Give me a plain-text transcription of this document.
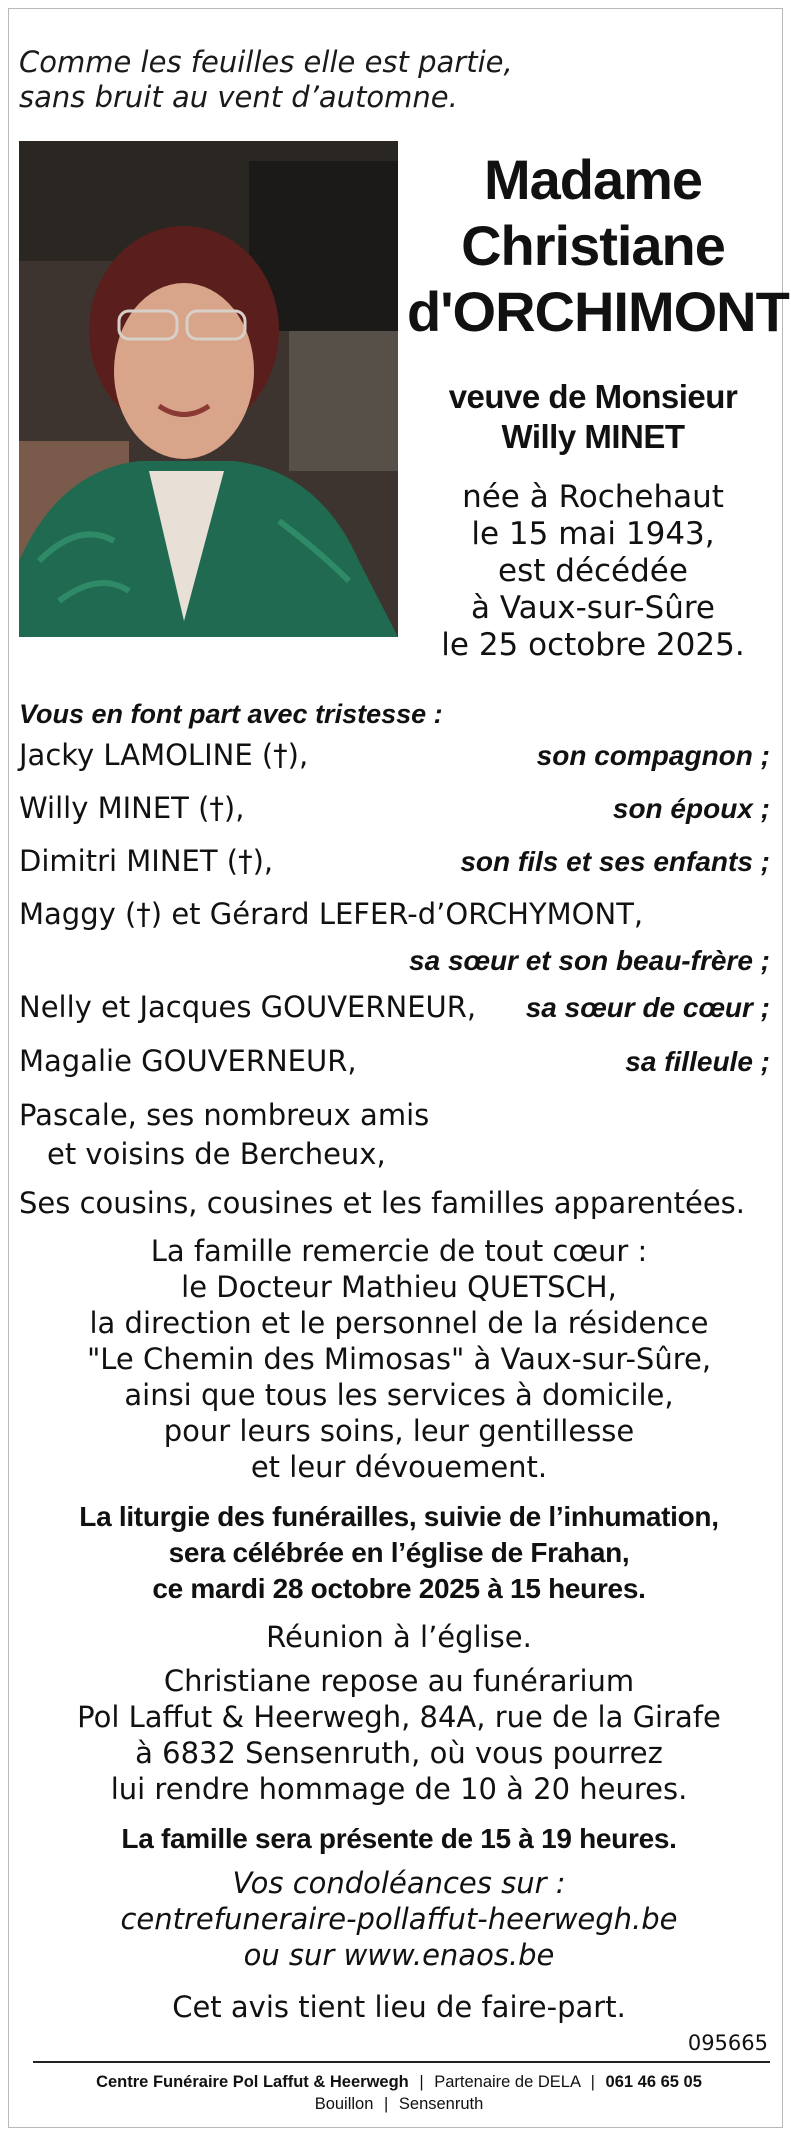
Comme les feuilles elle est partie,
sans bruit au vent d’automne.
Madame
Christiane
d'ORCHIMONT
veuve de Monsieur
Willy MINET
née à Rochehaut
le 15 mai 1943,
est décédée
à Vaux-sur-Sûre
le 25 octobre 2025.
Vous en font part avec tristesse :
Jacky LAMOLINE (†),	son compagnon ;
Willy MINET (†),	son époux ;
Dimitri MINET (†),	son fils et ses enfants ;
Maggy (†) et Gérard LEFER-d’ORCHYMONT,
sa sœur et son beau-frère ;
Nelly et Jacques GOUVERNEUR, sa sœur de cœur ;
Magalie GOUVERNEUR,	sa filleule ;
Pascale, ses nombreux amis
et voisins de Bercheux,
Ses cousins, cousines et les familles apparentées.
La famille remercie de tout cœur :
le Docteur Mathieu QUETSCH,
la direction et le personnel de la résidence
"Le Chemin des Mimosas" à Vaux-sur-Sûre,
ainsi que tous les services à domicile,
pour leurs soins, leur gentillesse
et leur dévouement.
La liturgie des funérailles, suivie de l’inhumation,
sera célébrée en l’église de Frahan,
ce mardi 28 octobre 2025 à 15 heures.
Réunion à l’église.
Christiane repose au funérarium
Pol Laffut & Heerwegh, 84A, rue de la Girafe
à 6832 Sensenruth, où vous pourrez
lui rendre hommage de 10 à 20 heures.
La famille sera présente de 15 à 19 heures.
Vos condoléances sur :
centrefuneraire-pollaffut-heerwegh.be
ou sur www.enaos.be
Cet avis tient lieu de faire-part.
095665
Centre Funéraire Pol Laffut & Heerwegh | Partenaire de DELA | 061 46 65 05
Bouillon | Sensenruth
